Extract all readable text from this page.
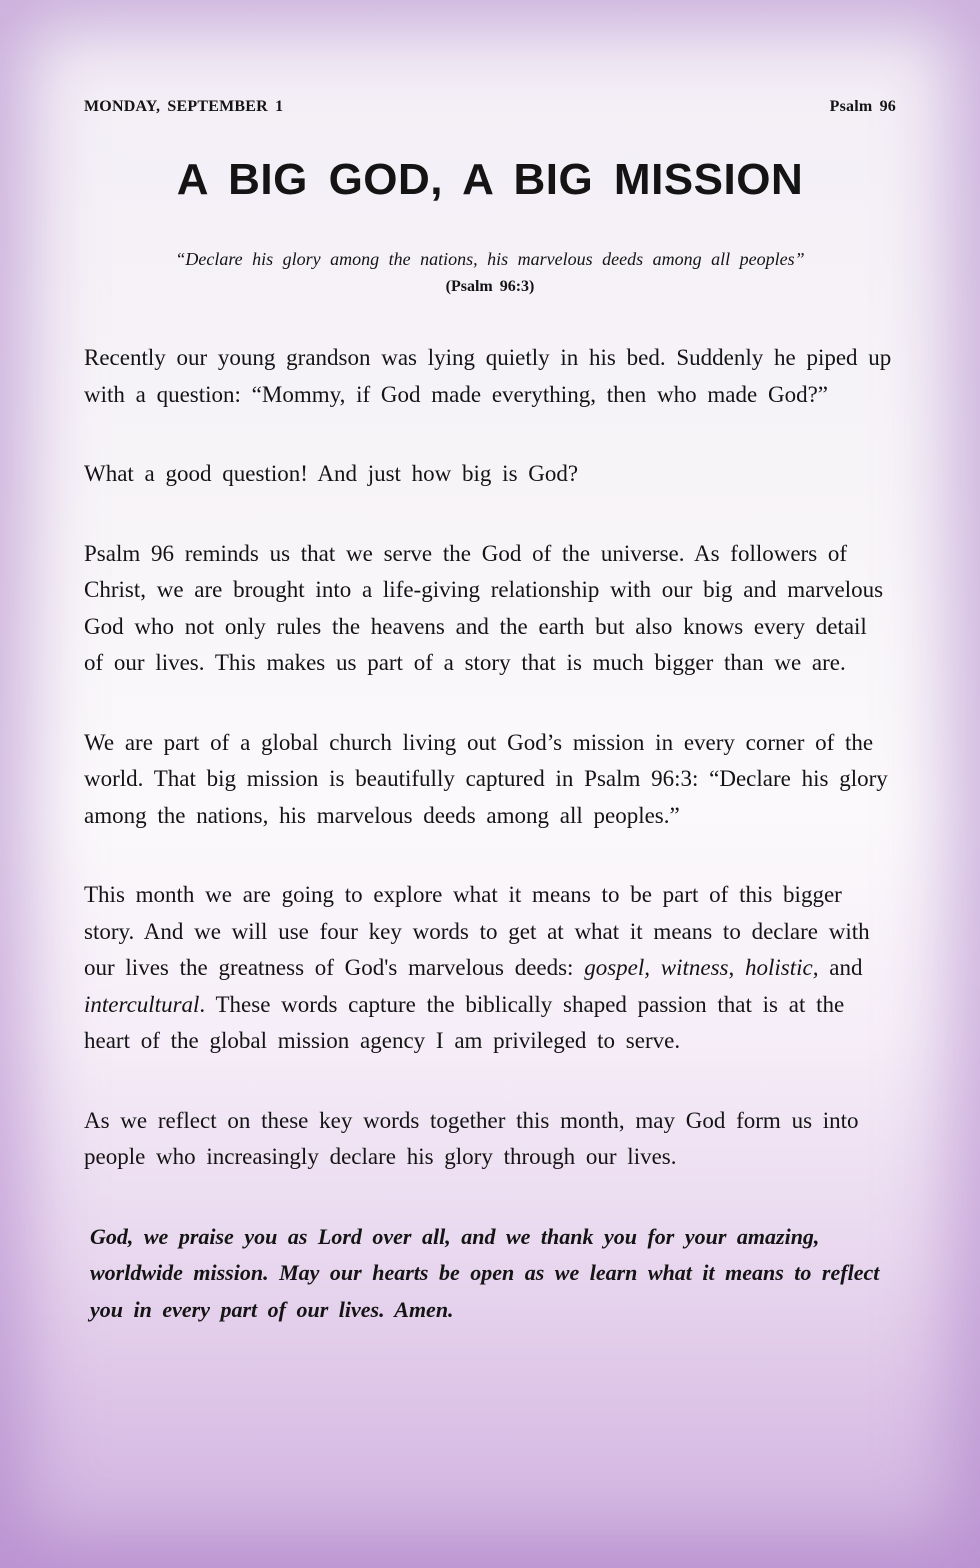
MONDAY, SEPTEMBER 1	Psalm 96
A BIG GOD, A BIG MISSION
“Declare his glory among the nations, his marvelous deeds among all peoples”
(Psalm 96:3)

Recently our young grandson was lying quietly in his bed. Suddenly he piped up with a question: “Mommy, if God made everything, then who made God?”

What a good question! And just how big is God?

Psalm 96 reminds us that we serve the God of the universe. As followers of Christ, we are brought into a life-giving relationship with our big and marvelous God who not only rules the heavens and the earth but also knows every detail of our lives. This makes us part of a story that is much bigger than we are.

We are part of a global church living out God’s mission in every corner of the world. That big mission is beautifully captured in Psalm 96:3: “Declare his glory among the nations, his marvelous deeds among all peoples.”

This month we are going to explore what it means to be part of this bigger story. And we will use four key words to get at what it means to declare with our lives the greatness of God's marvelous deeds: gospel, witness, holistic, and intercultural. These words capture the biblically shaped passion that is at the heart of the global mission agency I am privileged to serve.

As we reflect on these key words together this month, may God form us into people who increasingly declare his glory through our lives.

God, we praise you as Lord over all, and we thank you for your amazing, worldwide mission. May our hearts be open as we learn what it means to reflect you in every part of our lives. Amen.
